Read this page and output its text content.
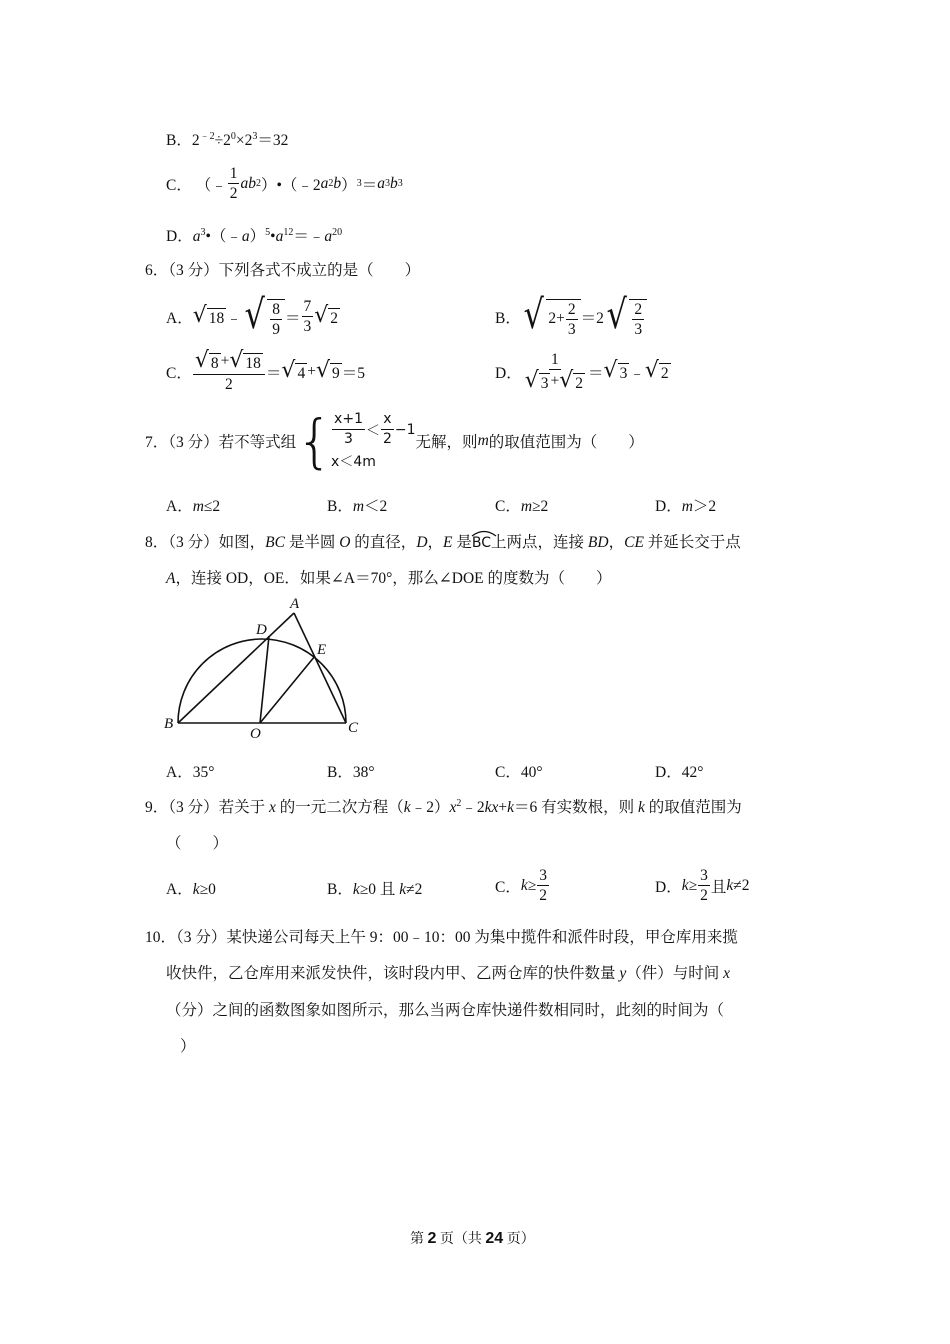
B．$2^{﹣2}\div 2^0\times 2^3=32$
C． （﹣ $\frac{1}{2}$ ab 2 ）•（﹣2 a 2 b ） 3 ＝ a 3 b 3
D．$a^3•(﹣a)^5•a^{12}=﹣a^{20}$
6．（3 分）下列各式不成立的是（　　）
A． √ 18 ﹣ √ $\frac{8}{9} = \frac{7}{3}$ √ 2	B． √ $2+ \frac{2}{3} =2$ √ $\frac{2}{3}$
C． $\frac{√ 8 + √ 18}{2}$ ＝ √ 4 + √ 9 ＝5	D． $\frac{1}{√ 3 + √ 2}$ ＝ √ 3 ﹣ √ 2
7．（3 分）若不等式组 { $\frac{x+1}{3} < \frac{x}{2} -1$
x＜4m
无解，则 m 的取值范围为（　　）
A．m≤2	B．m＜2	C．m≥2	D．m＞2
8．（3 分）如图，BC 是半圆 O 的直径，D，E 是
BC上两点，连接 BD，CE 并延长交于点
A，连接 OD，OE．如果∠A＝70°，那么∠DOE 的度数为（　　）
A
D
E
B
O	C
A．35°	B．38°	C．40°	D．42°
9．（3 分）若关于 x 的一元二次方程$(k﹣2)x^2﹣2kx+k=6$ 有实数根，则 k 的取值范围为
（　　）
A．k≥0	B．k≥0 且 k≠2	C． $k \ge \frac{3}{2}$	D． $k \ge \frac{3}{2}$ 且 k ≠2
10．（3 分）某快递公司每天上午 9：00﹣10：00 为集中揽件和派件时段，甲仓库用来揽
收快件，乙仓库用来派发快件，该时段内甲、乙两仓库的快件数量 y（件）与时间 x
（分）之间的函数图象如图所示，那么当两仓库快递件数相同时，此刻的时间为（
）
第 2 页（共 24 页）
